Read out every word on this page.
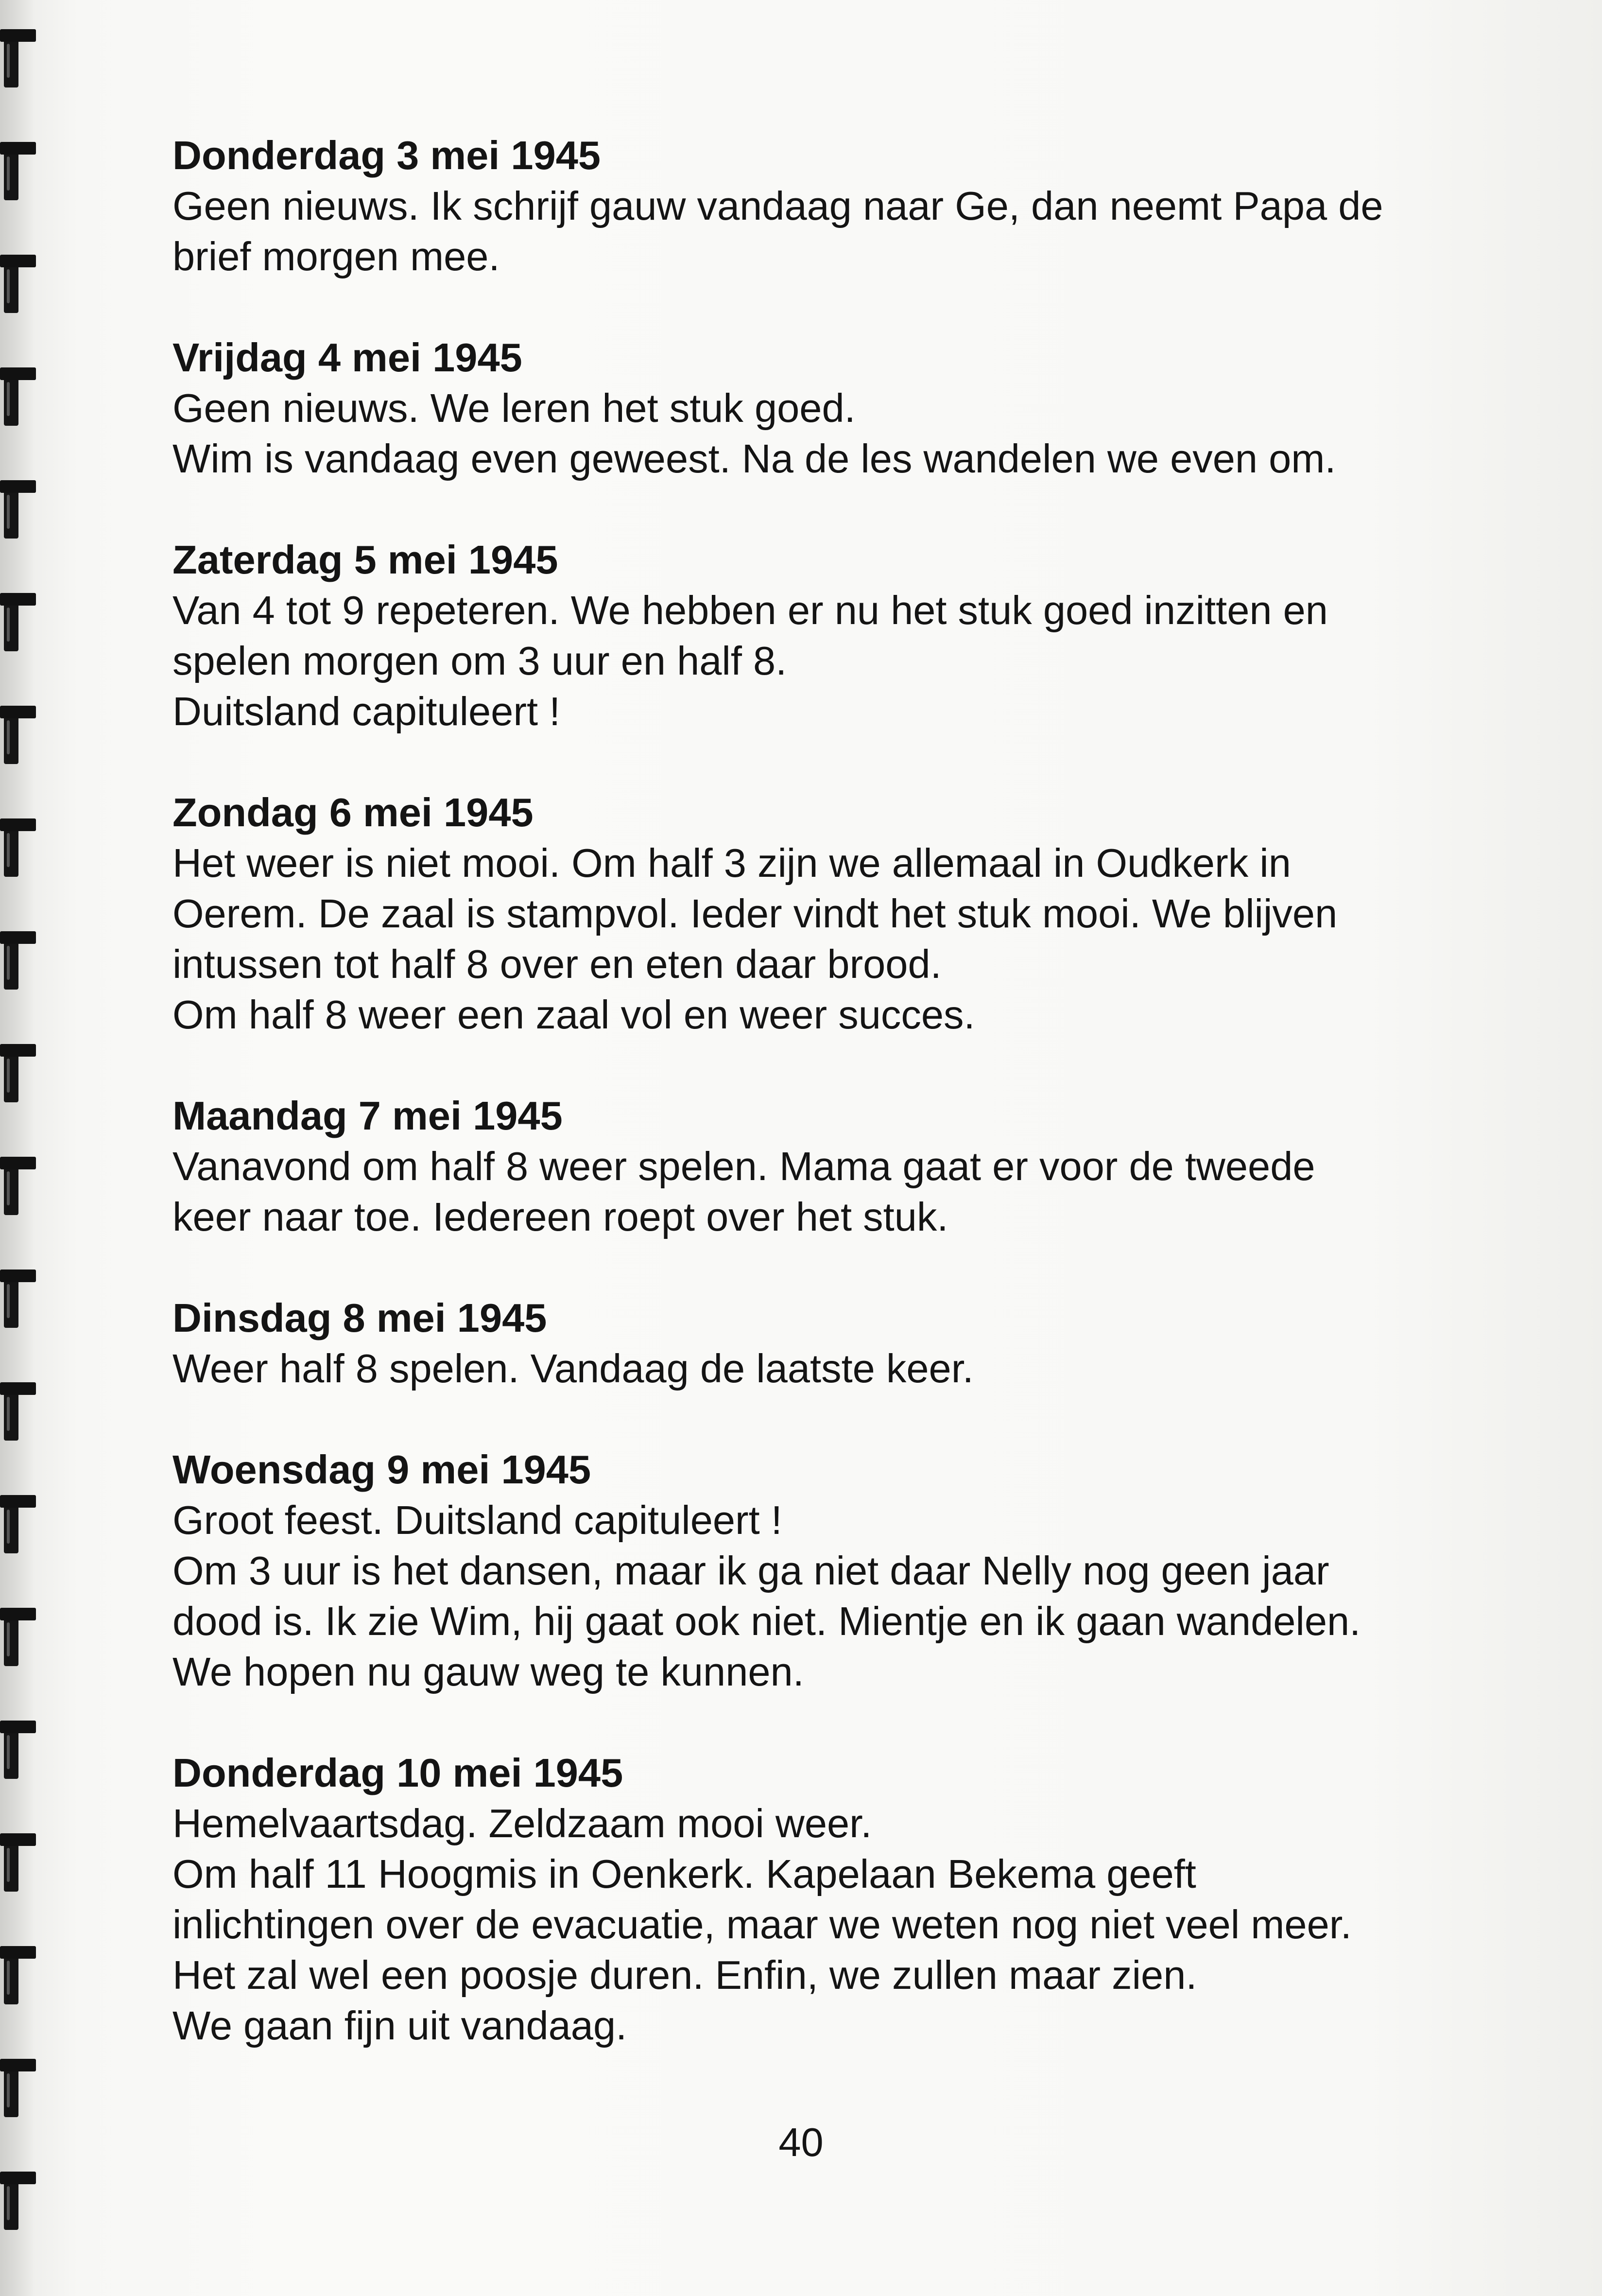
Donderdag 3 mei 1945
Geen nieuws. Ik schrijf gauw vandaag naar Ge, dan neemt Papa de
brief morgen mee.
Vrijdag 4 mei 1945
Geen nieuws. We leren het stuk goed.
Wim is vandaag even geweest. Na de les wandelen we even om.
Zaterdag 5 mei 1945
Van 4 tot 9 repeteren. We hebben er nu het stuk goed inzitten en
spelen morgen om 3 uur en half 8.
Duitsland capituleert !
Zondag 6 mei 1945
Het weer is niet mooi. Om half 3 zijn we allemaal in Oudkerk in
Oerem. De zaal is stampvol. Ieder vindt het stuk mooi. We blijven
intussen tot half 8 over en eten daar brood.
Om half 8 weer een zaal vol en weer succes.
Maandag 7 mei 1945
Vanavond om half 8 weer spelen. Mama gaat er voor de tweede
keer naar toe. Iedereen roept over het stuk.
Dinsdag 8 mei 1945
Weer half 8 spelen. Vandaag de laatste keer.
Woensdag 9 mei 1945
Groot feest. Duitsland capituleert !
Om 3 uur is het dansen, maar ik ga niet daar Nelly nog geen jaar
dood is. Ik zie Wim, hij gaat ook niet. Mientje en ik gaan wandelen.
We hopen nu gauw weg te kunnen.
Donderdag 10 mei 1945
Hemelvaartsdag. Zeldzaam mooi weer.
Om half 11 Hoogmis in Oenkerk. Kapelaan Bekema geeft
inlichtingen over de evacuatie, maar we weten nog niet veel meer.
Het zal wel een poosje duren. Enfin, we zullen maar zien.
We gaan fijn uit vandaag.
40
